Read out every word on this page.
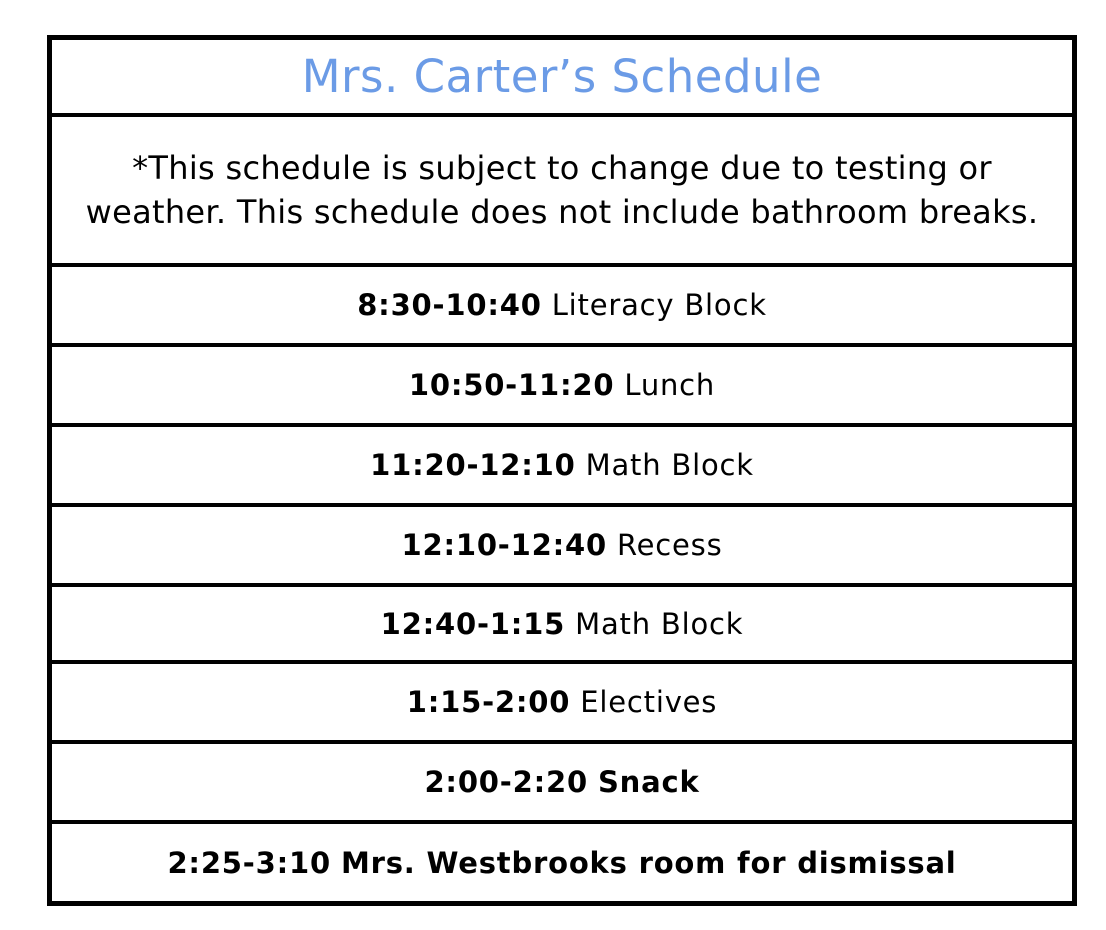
Mrs. Carter’s Schedule
*This schedule is subject to change due to testing or weather. This schedule does not include bathroom breaks.
8:30-10:40 Literacy Block
10:50-11:20 Lunch
11:20-12:10 Math Block
12:10-12:40 Recess
12:40-1:15 Math Block
1:15-2:00 Electives
2:00-2:20 Snack
2:25-3:10 Mrs. Westbrooks room for dismissal
